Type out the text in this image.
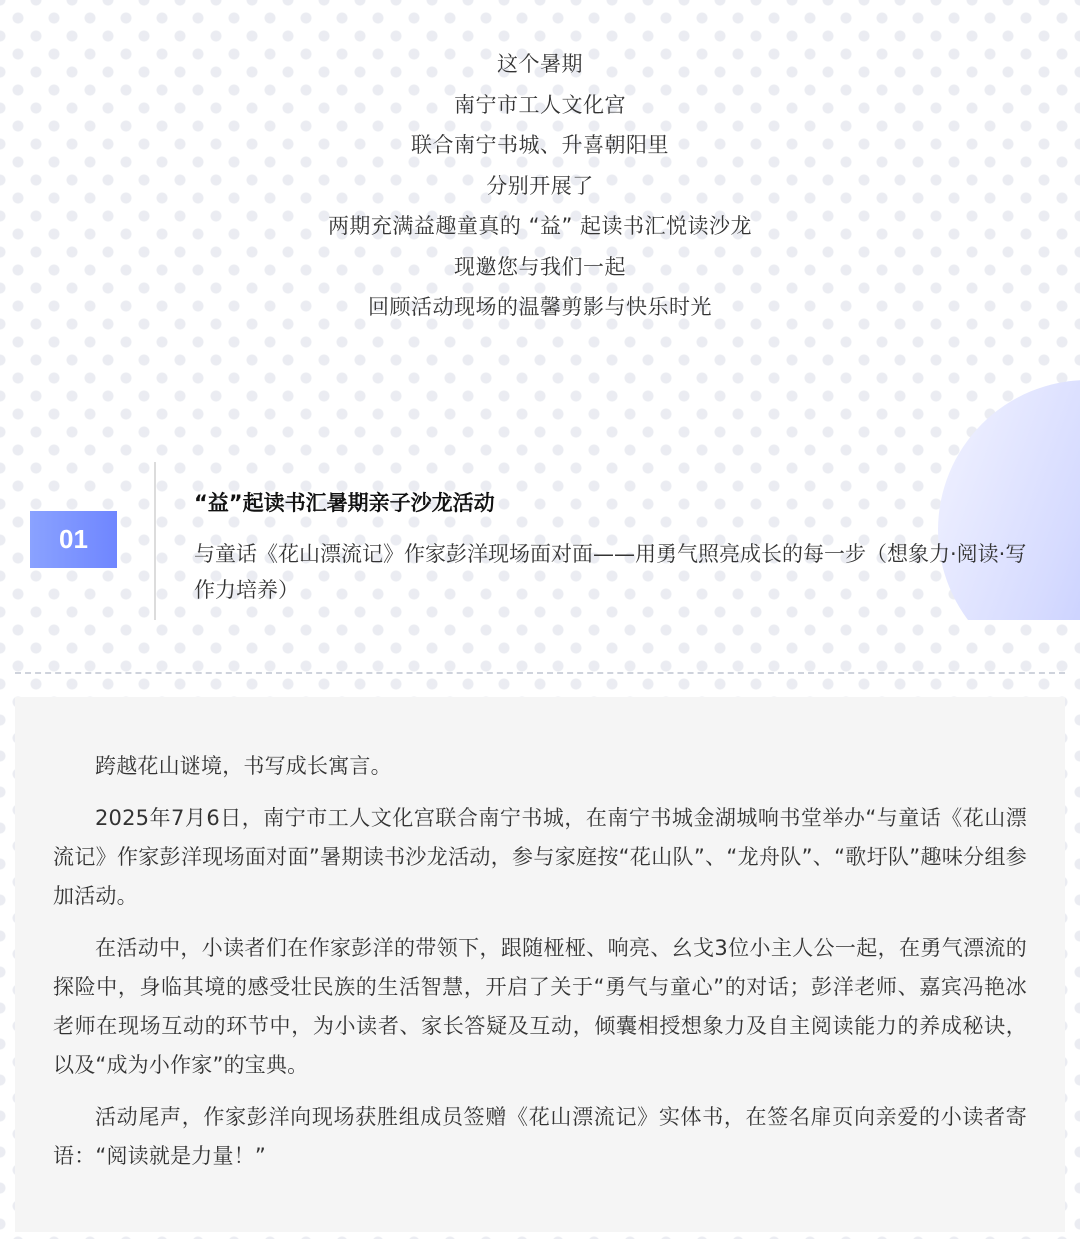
这个暑期
南宁市工人文化宫
联合南宁书城、升喜朝阳里
分别开展了
两期充满益趣童真的 “益” 起读书汇悦读沙龙
现邀您与我们一起
回顾活动现场的温馨剪影与快乐时光
01
“益”起读书汇暑期亲子沙龙活动
与童话《花山漂流记》作家彭洋现场面对面——用勇气照亮成长的每一步（想象力·阅读·写作力培养）

跨越花山谜境，书写成长寓言。

2025年7月6日，南宁市工人文化宫联合南宁书城，在南宁书城金湖城响书堂举办“与童话《花山漂流记》作家彭洋现场面对面”暑期读书沙龙活动，参与家庭按“花山队”、“龙舟队”、“歌圩队”趣味分组参加活动。

在活动中，小读者们在作家彭洋的带领下，跟随桠桠、响亮、幺戈3位小主人公一起，在勇气漂流的探险中，身临其境的感受壮民族的生活智慧，开启了关于“勇气与童心”的对话；彭洋老师、嘉宾冯艳冰老师在现场互动的环节中，为小读者、家长答疑及互动，倾囊相授想象力及自主阅读能力的养成秘诀，以及“成为小作家”的宝典。

活动尾声，作家彭洋向现场获胜组成员签赠《花山漂流记》实体书，在签名扉页向亲爱的小读者寄语：“阅读就是力量！”
